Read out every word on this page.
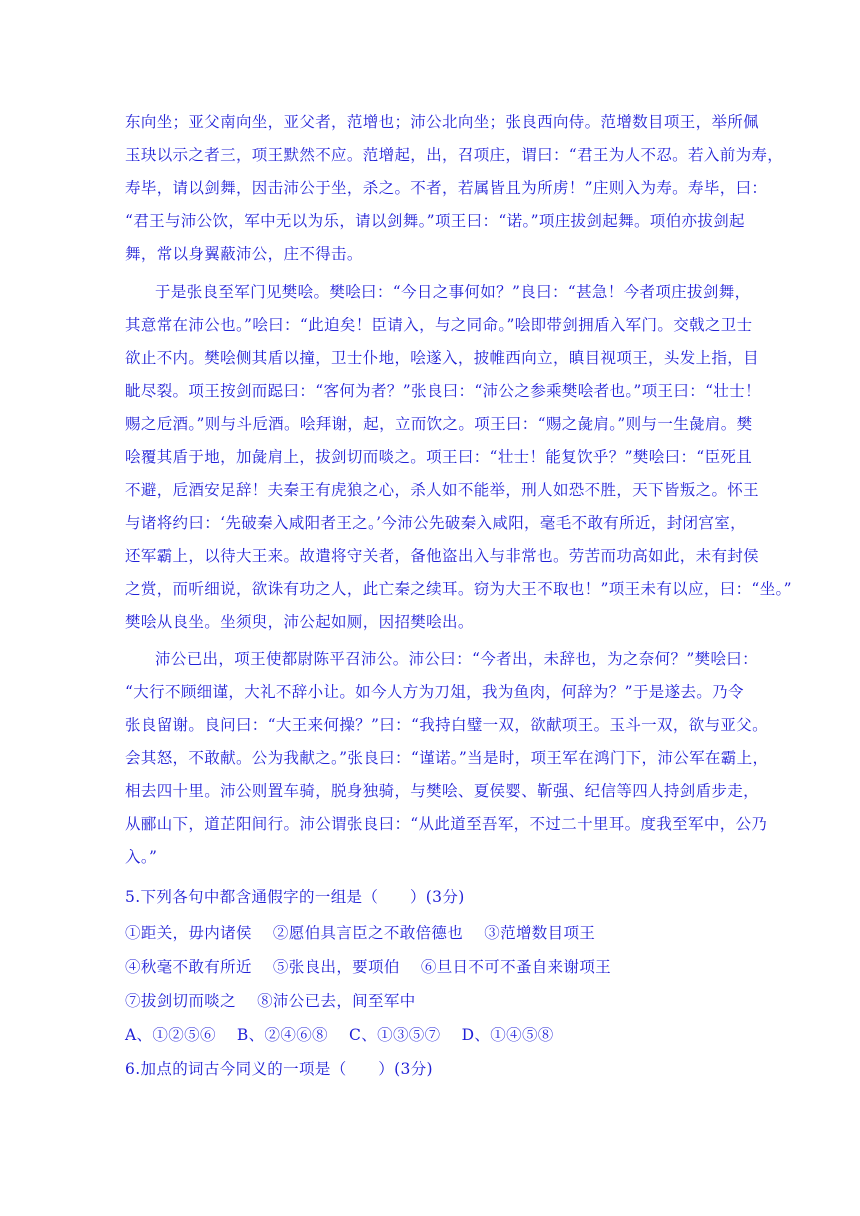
东向坐；亚父南向坐，亚父者，范增也；沛公北向坐；张良西向侍。范增数目项王，举所佩
玉玦以示之者三，项王默然不应。范增起，出，召项庄，谓曰：“君王为人不忍。若入前为寿，
寿毕，请以剑舞，因击沛公于坐，杀之。不者，若属皆且为所虏！”庄则入为寿。寿毕，曰：
“君王与沛公饮，军中无以为乐，请以剑舞。”项王曰：“诺。”项庄拔剑起舞。项伯亦拔剑起
舞，常以身翼蔽沛公，庄不得击。
于是张良至军门见樊哙。樊哙曰：“今日之事何如？”良曰：“甚急！今者项庄拔剑舞，
其意常在沛公也。”哙曰：“此迫矣！臣请入，与之同命。”哙即带剑拥盾入军门。交戟之卫士
欲止不内。樊哙侧其盾以撞，卫士仆地，哙遂入，披帷西向立，瞋目视项王，头发上指，目
眦尽裂。项王按剑而跽曰：“客何为者？”张良曰：“沛公之参乘樊哙者也。”项王曰：“壮士！
赐之卮酒。”则与斗卮酒。哙拜谢，起，立而饮之。项王曰：“赐之彘肩。”则与一生彘肩。樊
哙覆其盾于地，加彘肩上，拔剑切而啖之。项王曰：“壮士！能复饮乎？”樊哙曰：“臣死且
不避，卮酒安足辞！夫秦王有虎狼之心，杀人如不能举，刑人如恐不胜，天下皆叛之。怀王
与诸将约曰：‘先破秦入咸阳者王之。’今沛公先破秦入咸阳，毫毛不敢有所近，封闭宫室，
还军霸上，以待大王来。故遣将守关者，备他盗出入与非常也。劳苦而功高如此，未有封侯
之赏，而听细说，欲诛有功之人，此亡秦之续耳。窃为大王不取也！”项王未有以应，曰：“坐。”
樊哙从良坐。坐须臾，沛公起如厕，因招樊哙出。
沛公已出，项王使都尉陈平召沛公。沛公曰：“今者出，未辞也，为之奈何？”樊哙曰：
“大行不顾细谨，大礼不辞小让。如今人方为刀俎，我为鱼肉，何辞为？”于是遂去。乃令
张良留谢。良问曰：“大王来何操？”曰：“我持白璧一双，欲献项王。玉斗一双，欲与亚父。
会其怒，不敢献。公为我献之。”张良曰：“谨诺。”当是时，项王军在鸿门下，沛公军在霸上，
相去四十里。沛公则置车骑，脱身独骑，与樊哙、夏侯婴、靳强、纪信等四人持剑盾步走，
从郦山下，道芷阳间行。沛公谓张良曰：“从此道至吾军，不过二十里耳。度我至军中，公乃
入。”
5.下列各句中都含通假字的一组是（　　）(3分)
①距关，毋内诸侯　 ②愿伯具言臣之不敢倍德也　 ③范增数目项王
④秋毫不敢有所近　 ⑤张良出，要项伯　 ⑥旦日不可不蚤自来谢项王
⑦拔剑切而啖之　 ⑧沛公已去，间至军中
A、①②⑤⑥　 B、②④⑥⑧　 C、①③⑤⑦　 D、①④⑤⑧
6.加点的词古今同义的一项是（　　）(3分)
